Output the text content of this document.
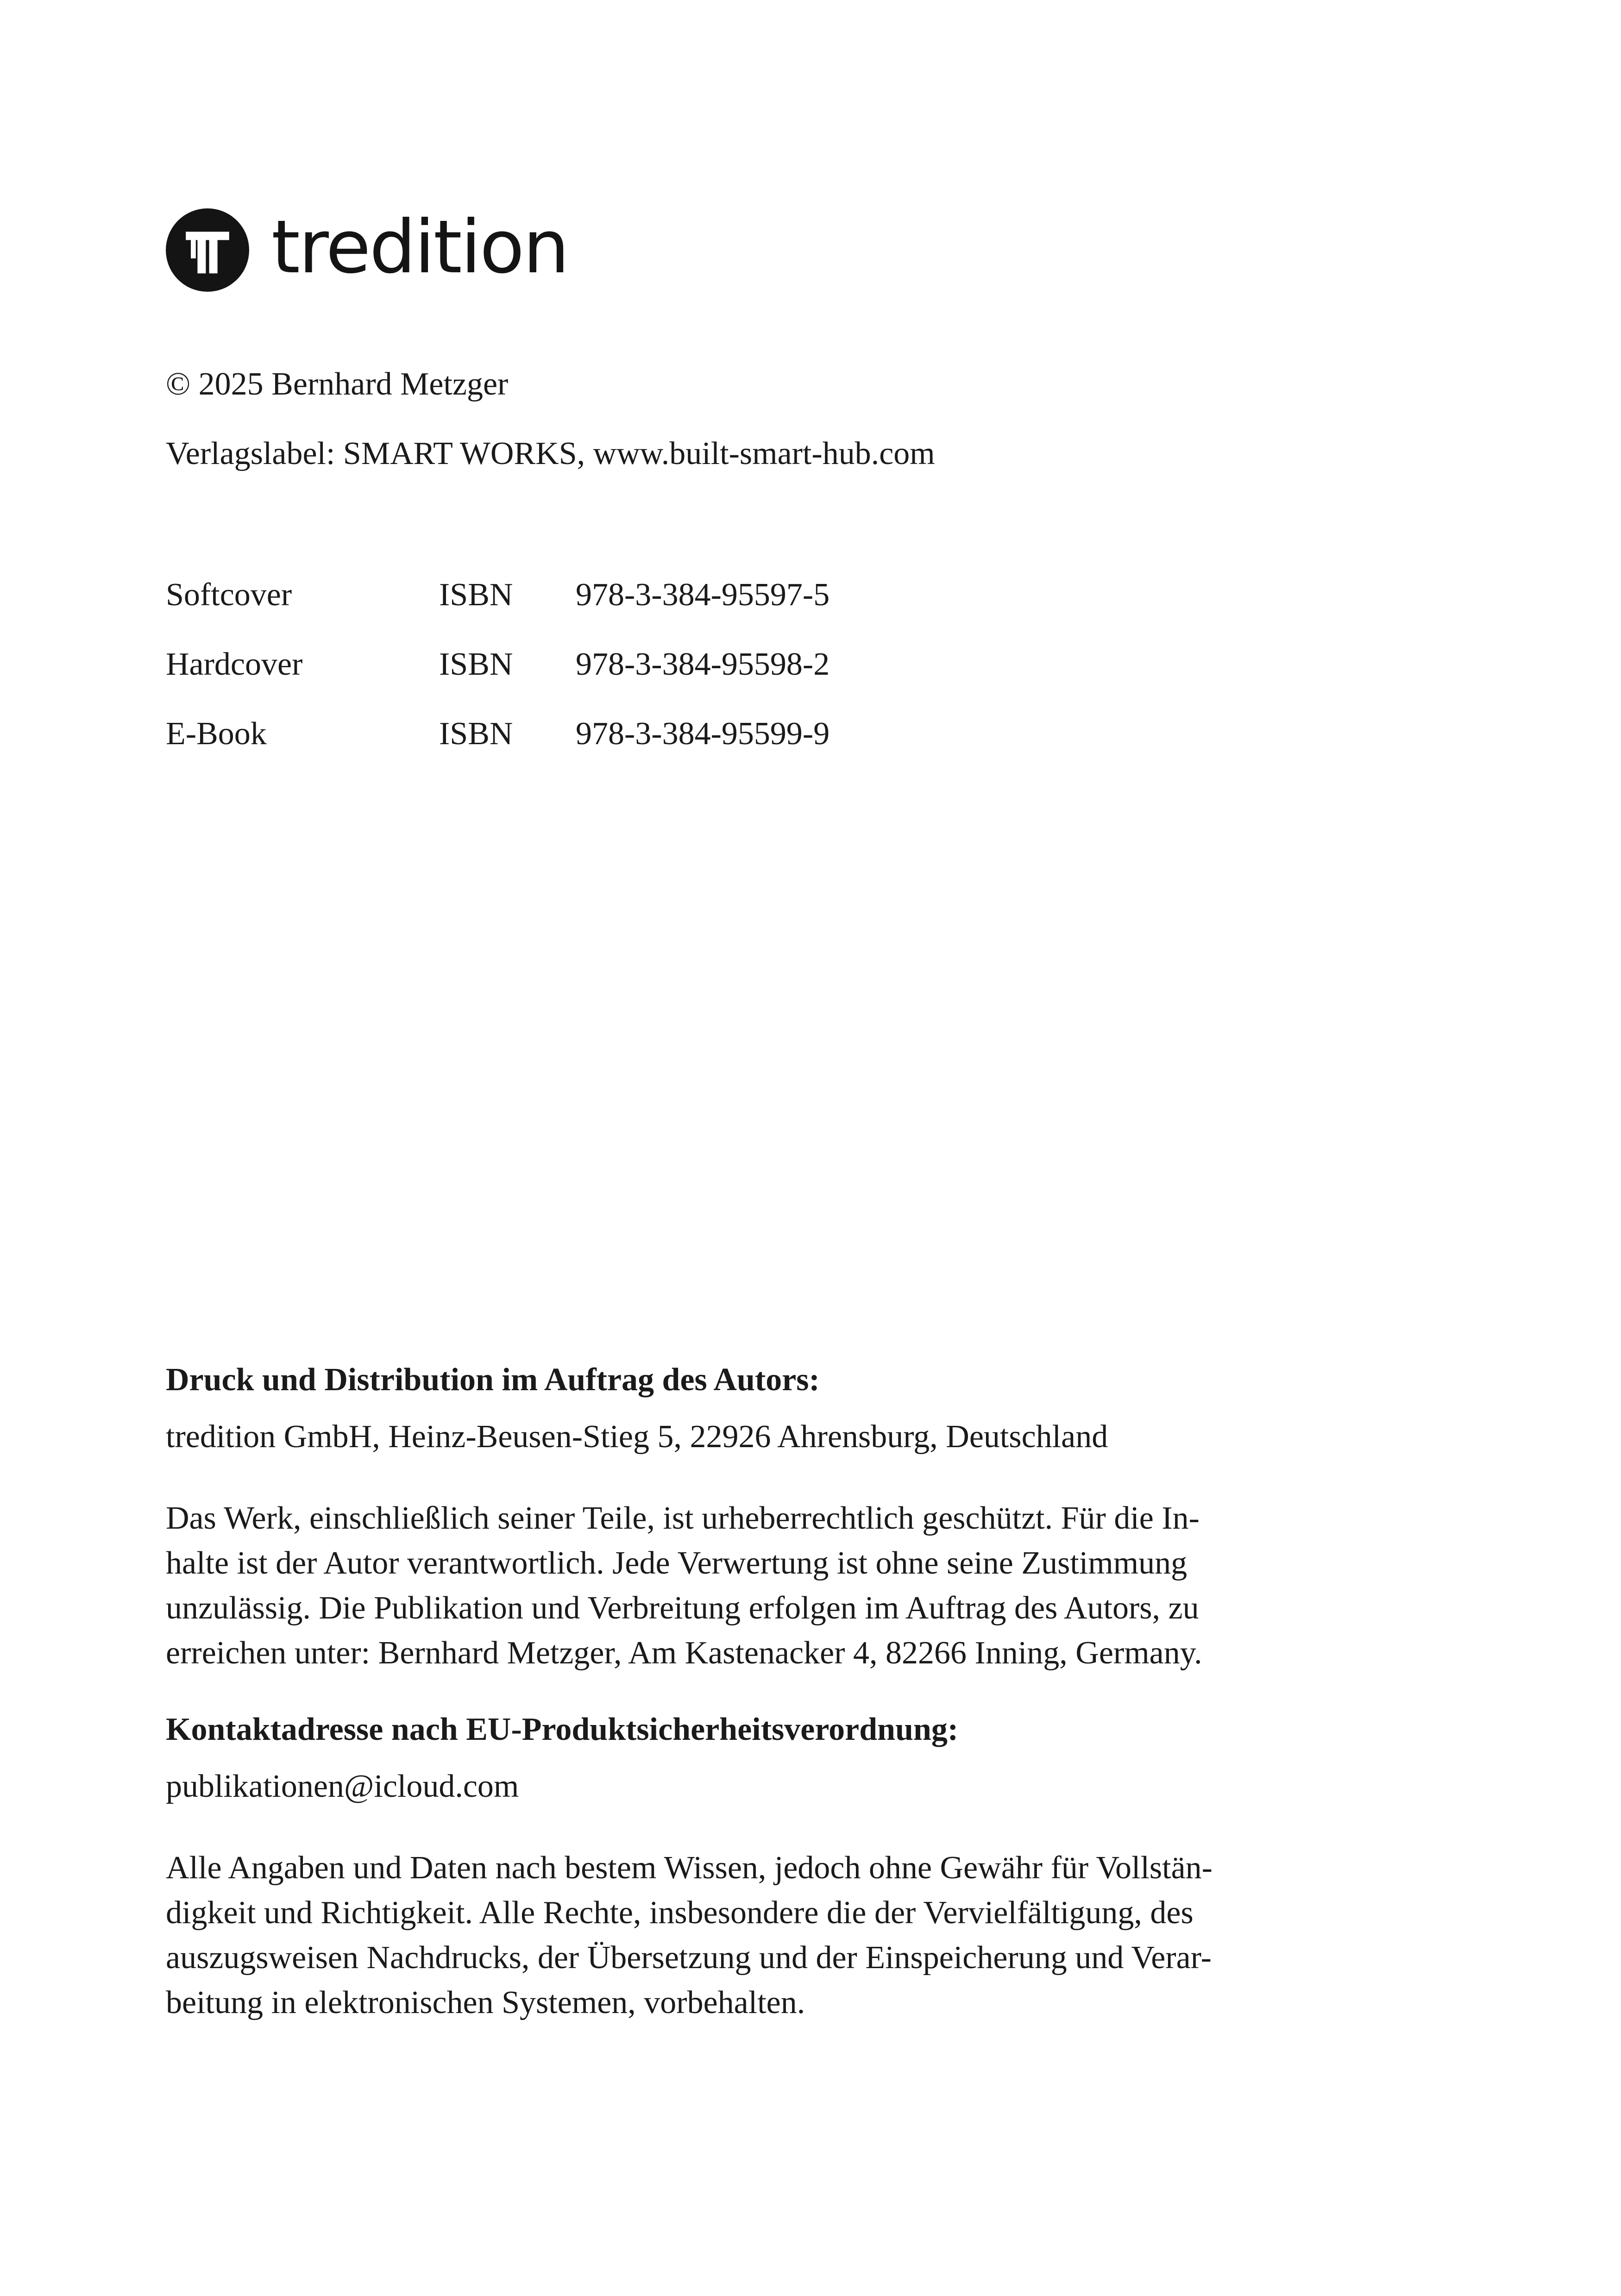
tredition
© 2025 Bernhard Metzger
Verlagslabel: SMART WORKS, www.built-smart-hub.com
Softcover	ISBN	978-3-384-95597-5
Hardcover	ISBN	978-3-384-95598-2
E-Book	ISBN	978-3-384-95599-9

Druck und Distribution im Auftrag des Autors:

tredition GmbH, Heinz-Beusen-Stieg 5, 22926 Ahrensburg, Deutschland

Das Werk, einschließlich seiner Teile, ist urheberrechtlich geschützt. Für die In-
halte ist der Autor verantwortlich. Jede Verwertung ist ohne seine Zustimmung
unzulässig. Die Publikation und Verbreitung erfolgen im Auftrag des Autors, zu
erreichen unter: Bernhard Metzger, Am Kastenacker 4, 82266 Inning, Germany.

Kontaktadresse nach EU-Produktsicherheitsverordnung:

publikationen@icloud.com

Alle Angaben und Daten nach bestem Wissen, jedoch ohne Gewähr für Vollstän-
digkeit und Richtigkeit. Alle Rechte, insbesondere die der Vervielfältigung, des
auszugsweisen Nachdrucks, der Übersetzung und der Einspeicherung und Verar-
beitung in elektronischen Systemen, vorbehalten.
